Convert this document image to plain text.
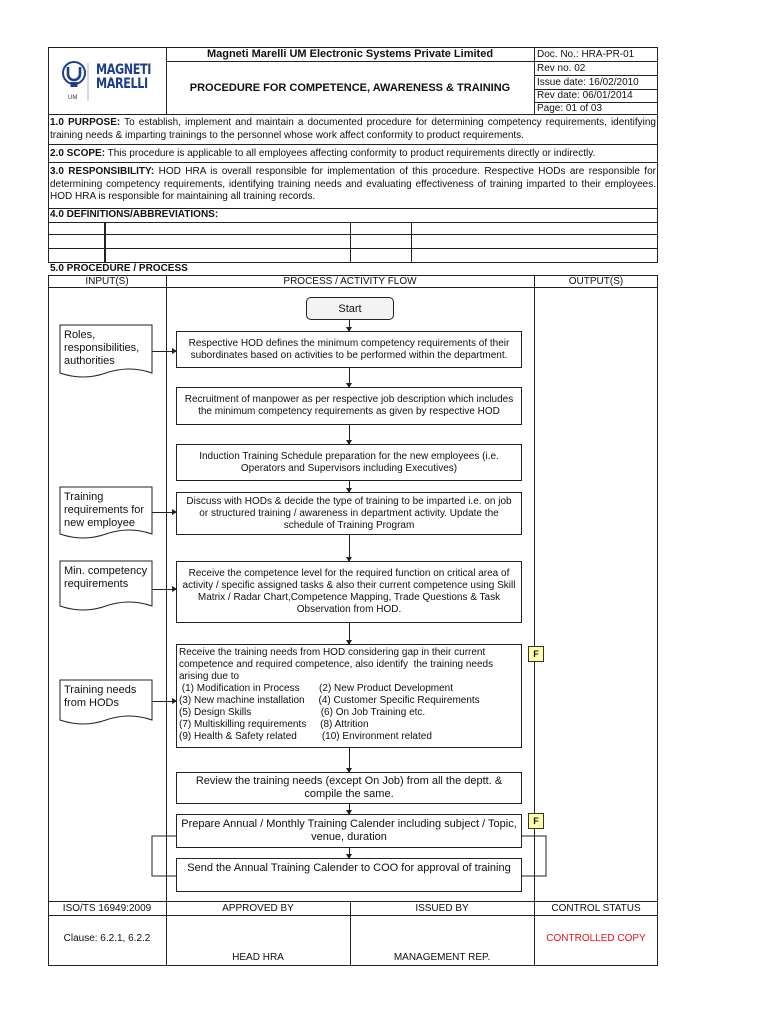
UM
MAGNETI
MARELLI
Magneti Marelli UM Electronic Systems Private Limited
PROCEDURE FOR COMPETENCE, AWARENESS & TRAINING
Doc. No.: HRA-PR-01
Rev no. 02
Issue date: 16/02/2010
Rev date: 06/01/2014
Page: 01 of 03
1.0 PURPOSE: To establish, implement and maintain a documented procedure for determining competency requirements, identifying training needs & imparting trainings to the personnel whose work affect conformity to product requirements.
2.0 SCOPE: This procedure is applicable to all employees affecting conformity to product requirements directly or indirectly.
3.0 RESPONSIBILITY: HOD HRA is overall responsible for implementation of this procedure. Respective HODs are responsible for determining competency requirements, identifying training needs and evaluating effectiveness of training imparted to their employees. HOD HRA is responsible for maintaining all training records.
4.0 DEFINITIONS/ABBREVIATIONS:
5.0 PROCEDURE / PROCESS
INPUT(S)	PROCESS / ACTIVITY FLOW	OUTPUT(S)
Roles, responsibilities, authorities
Training requirements for new employee
Min. competency requirements
Training needs from HODs
Start
Respective HOD defines the minimum competency requirements of their subordinates based on activities to be performed within the department.
Recruitment of manpower as per respective job description which includes the minimum competency requirements as given by respective HOD
Induction Training Schedule preparation for the new employees (i.e. Operators and Supervisors including Executives)
Discuss with HODs & decide the type of training to be imparted i.e. on job or structured training / awareness in department activity. Update the schedule of Training Program
Receive the competence level for the required function on critical area of activity / specific assigned tasks & also their current competence using Skill Matrix / Radar Chart,Competence Mapping, Trade Questions & Task Observation from HOD.
Receive the training needs from HOD considering gap in their current
competence and required competence, also identify  the training needs
arising due to
(1) Modification in Process       (2) New Product Development
(3) New machine installation     (4) Customer Specific Requirements
(5) Design Skills                         (6) On Job Training etc.
(7) Multiskilling requirements     (8) Attrition
(9) Health & Safety related         (10) Environment related
Review the training needs (except On Job) from all the deptt. & compile the same.
Prepare Annual / Monthly Training Calender including subject / Topic, venue, duration
Send the Annual Training Calender to COO for approval of training
F
F
ISO/TS 16949:2009	APPROVED BY	ISSUED BY	CONTROL STATUS
Clause: 6.2.1, 6.2.2
HEAD HRA	MANAGEMENT REP.
CONTROLLED COPY
